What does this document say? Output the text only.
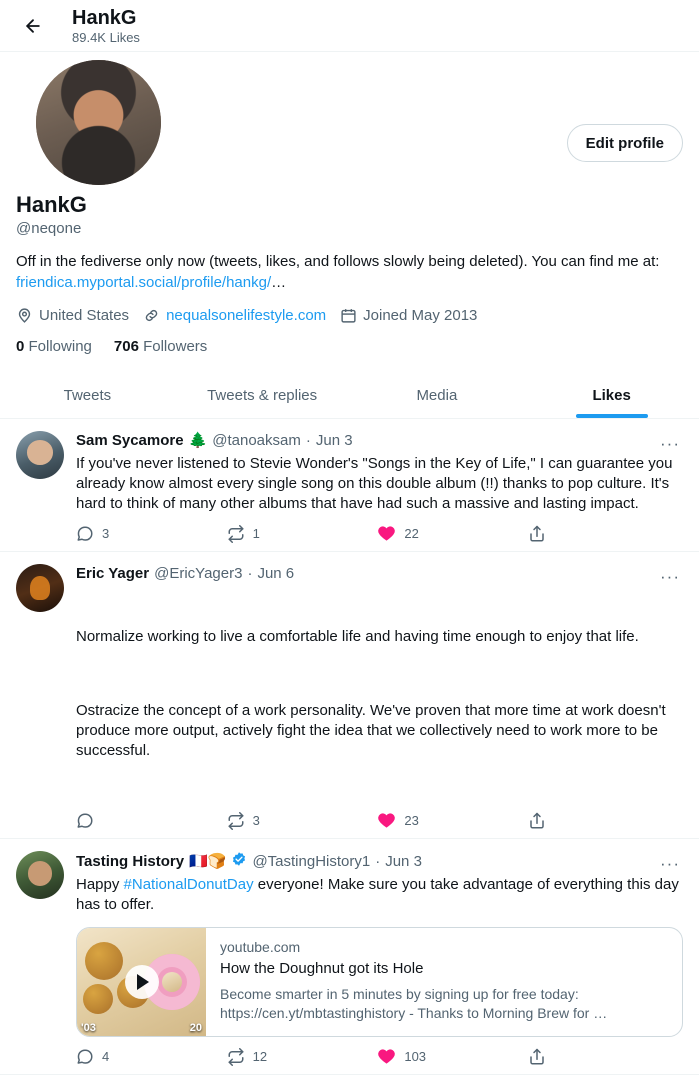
HankG
89.4K Likes
Edit profile
HankG
@neqone
Off in the fediverse only now (tweets, likes, and follows slowly being deleted). You can find me at: friendica.myportal.social/profile/hankg/…
United States nequalsonelifestyle.com Joined May 2013
0 Following 706 Followers
Tweets	Tweets & replies	Media	Likes
Sam Sycamore 🌲 @tanoaksam · Jun 3
If you've never listened to Stevie Wonder's "Songs in the Key of Life," I can guarantee you already know almost every single song on this double album (!!) thanks to pop culture. It's hard to think of many other albums that have had such a massive and lasting impact.
3	1	22
···
Eric Yager @EricYager3 · Jun 6

Normalize working to live a comfortable life and having time enough to enjoy that life.

Ostracize the concept of a work personality. We've proven that more time at work doesn't produce more output, actively fight the idea that we collectively need to work more to be successful.

3	23
···
Tasting History 🇫🇷🍞 @TastingHistory1 · Jun 3
Happy #NationalDonutDay everyone! Make sure you take advantage of everything this day has to offer.
'03	20
youtube.com
How the Doughnut got its Hole
Become smarter in 5 minutes by signing up for free today: https://cen.yt/mbtastinghistory - Thanks to Morning Brew for …
4	12	103
···
